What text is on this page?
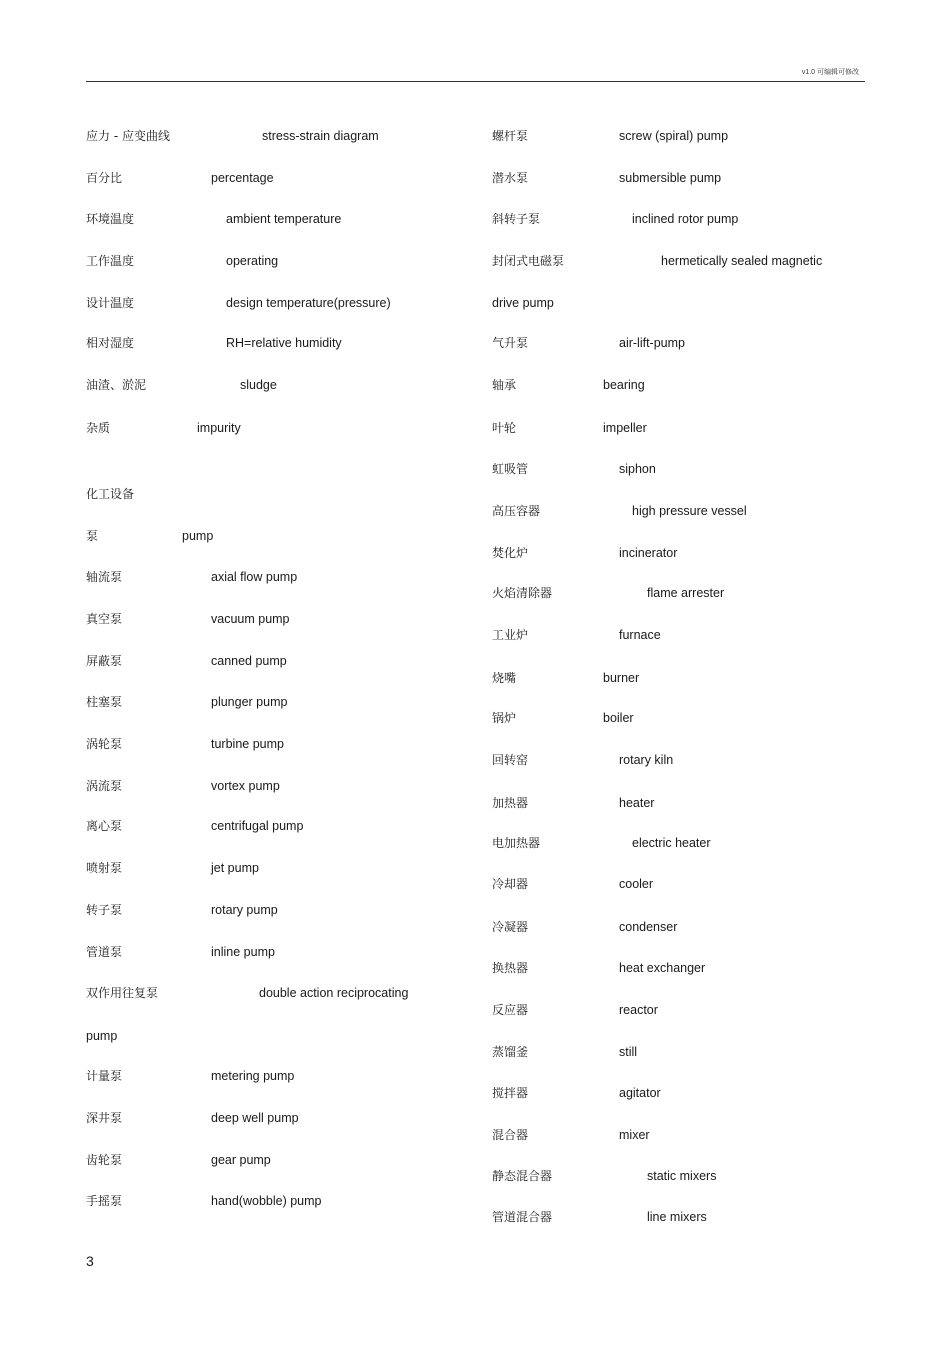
v1.0 可编辑可修改
应力 - 应变曲线	stress-strain diagram
百分比	percentage
环境温度	ambient temperature
工作温度	operating
设计温度	design temperature(pressure)
相对湿度	RH=relative humidity
油渣、淤泥	sludge
杂质	impurity
化工设备
泵	pump
轴流泵	axial flow pump
真空泵	vacuum pump
屏蔽泵	canned pump
柱塞泵	plunger pump
涡轮泵	turbine pump
涡流泵	vortex pump
离心泵	centrifugal pump
喷射泵	jet pump
转子泵	rotary pump
管道泵	inline pump
双作用往复泵	double action reciprocating
pump
计量泵	metering pump
深井泵	deep well pump
齿轮泵	gear pump
手摇泵	hand(wobble) pump
螺杆泵	screw (spiral) pump
潜水泵	submersible pump
斜转子泵	inclined rotor pump
封闭式电磁泵	hermetically sealed magnetic
drive pump
气升泵	air-lift-pump
轴承	bearing
叶轮	impeller
虹吸管	siphon
高压容器	high pressure vessel
焚化炉	incinerator
火焰清除器	flame arrester
工业炉	furnace
烧嘴	burner
锅炉	boiler
回转窑	rotary kiln
加热器	heater
电加热器	electric heater
冷却器	cooler
冷凝器	condenser
换热器	heat exchanger
反应器	reactor
蒸馏釜	still
搅拌器	agitator
混合器	mixer
静态混合器	static mixers
管道混合器	line mixers
3
